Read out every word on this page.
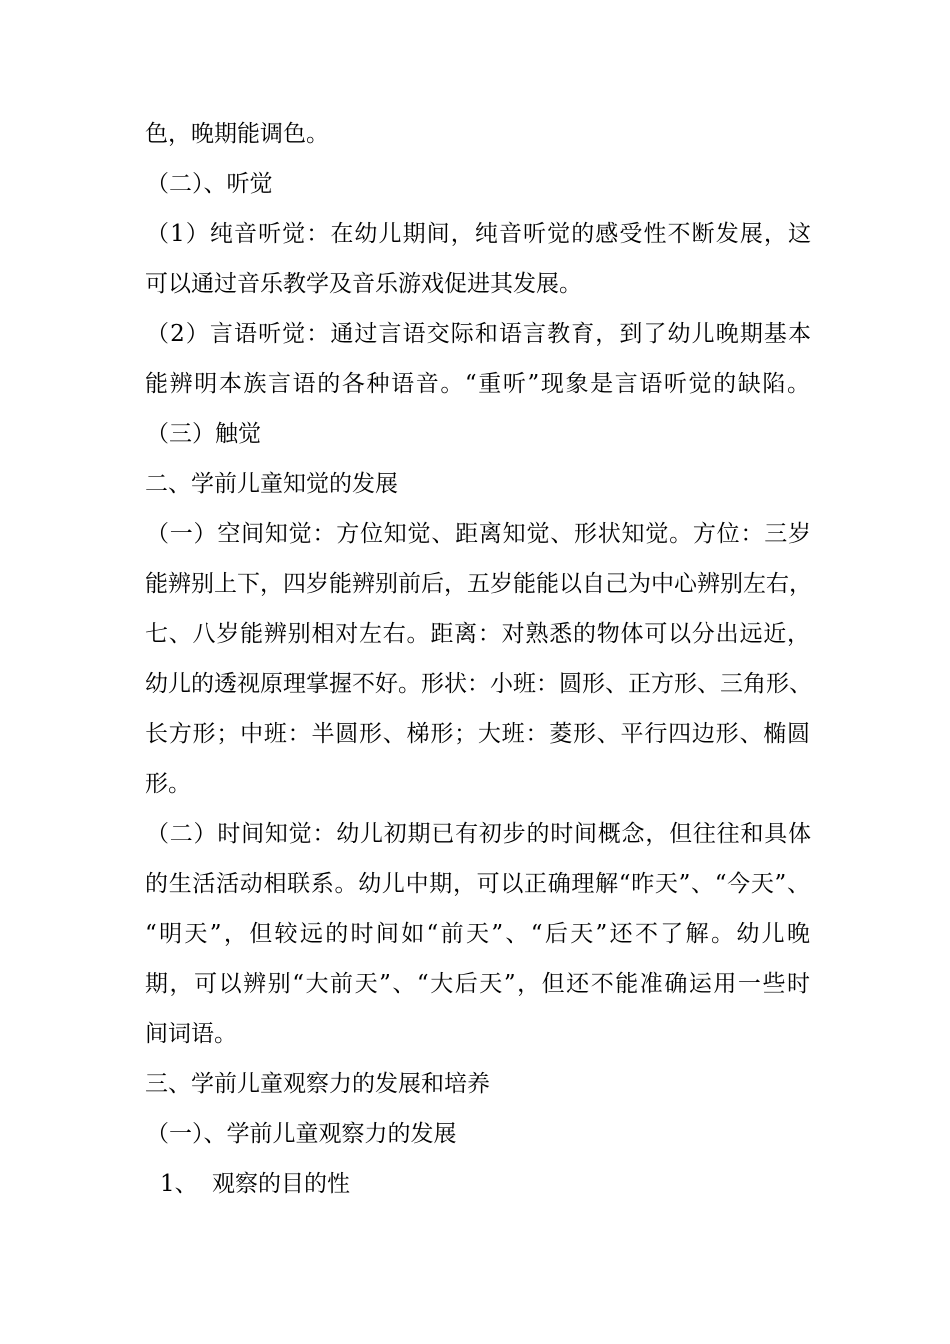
色，晚期能调色。
（二）、听觉
（1）纯音听觉：在幼儿期间，纯音听觉的感受性不断发展，这
可以通过音乐教学及音乐游戏促进其发展。
（2）言语听觉：通过言语交际和语言教育，到了幼儿晚期基本
能辨明本族言语的各种语音。“重听”现象是言语听觉的缺陷。
（三）触觉
二、学前儿童知觉的发展
（一）空间知觉：方位知觉、距离知觉、形状知觉。方位：三岁
能辨别上下，四岁能辨别前后，五岁能能以自己为中心辨别左右，
七、八岁能辨别相对左右。距离：对熟悉的物体可以分出远近，
幼儿的透视原理掌握不好。形状：小班：圆形、正方形、三角形、
长方形；中班：半圆形、梯形；大班：菱形、平行四边形、椭圆
形。
（二）时间知觉：幼儿初期已有初步的时间概念，但往往和具体
的生活活动相联系。幼儿中期，可以正确理解“昨天”、“今天”、
“明天”，但较远的时间如“前天”、“后天”还不了解。幼儿晚
期，可以辨别“大前天”、“大后天”，但还不能准确运用一些时
间词语。
三、学前儿童观察力的发展和培养
（一）、学前儿童观察力的发展
1、 观察的目的性
